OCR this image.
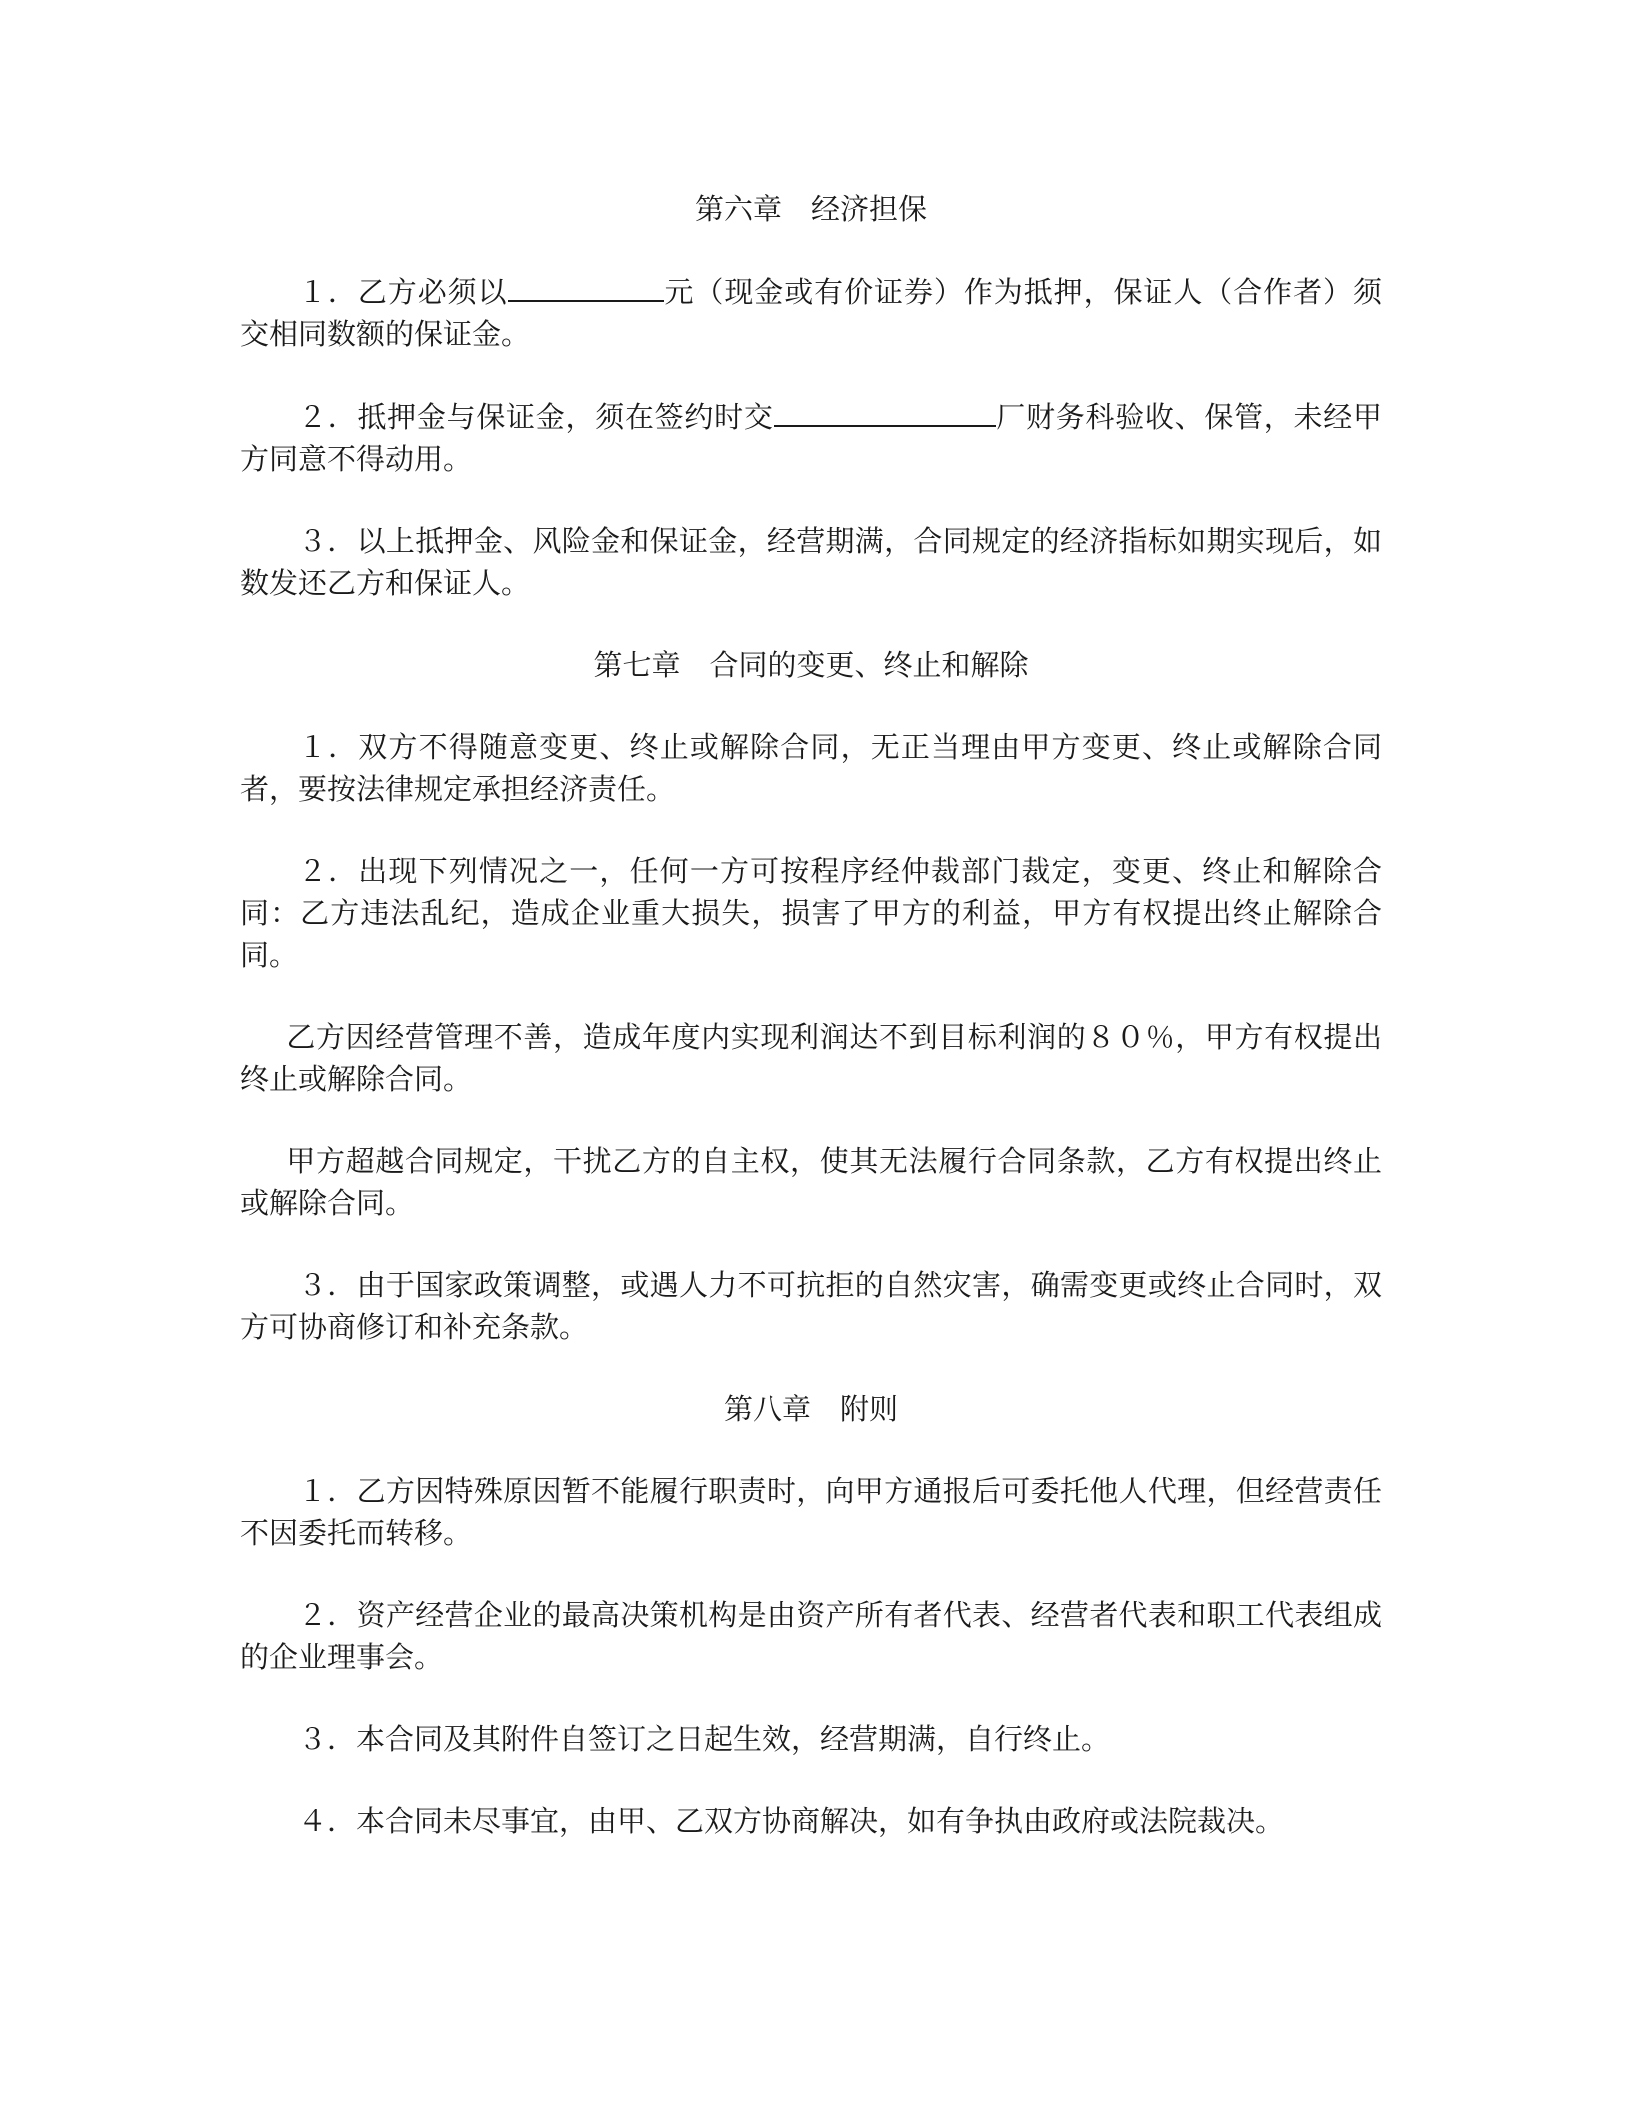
第六章　经济担保

１．乙方必须以	元（现金或有价证券）作为抵押，保证人（合作者）须交相同数额的保证金。

２．抵押金与保证金，须在签约时交	厂财务科验收、保管，未经甲方同意不得动用。

３．以上抵押金、风险金和保证金，经营期满，合同规定的经济指标如期实现后，如数发还乙方和保证人。

第七章　合同的变更、终止和解除

１．双方不得随意变更、终止或解除合同，无正当理由甲方变更、终止或解除合同者，要按法律规定承担经济责任。

２．出现下列情况之一，任何一方可按程序经仲裁部门裁定，变更、终止和解除合同：乙方违法乱纪，造成企业重大损失，损害了甲方的利益，甲方有权提出终止解除合同。

乙方因经营管理不善，造成年度内实现利润达不到目标利润的８０％，甲方有权提出终止或解除合同。

甲方超越合同规定，干扰乙方的自主权，使其无法履行合同条款，乙方有权提出终止或解除合同。

３．由于国家政策调整，或遇人力不可抗拒的自然灾害，确需变更或终止合同时，双方可协商修订和补充条款。

第八章　附则

１．乙方因特殊原因暂不能履行职责时，向甲方通报后可委托他人代理，但经营责任不因委托而转移。

２．资产经营企业的最高决策机构是由资产所有者代表、经营者代表和职工代表组成的企业理事会。

３．本合同及其附件自签订之日起生效，经营期满，自行终止。

４．本合同未尽事宜，由甲、乙双方协商解决，如有争执由政府或法院裁决。
